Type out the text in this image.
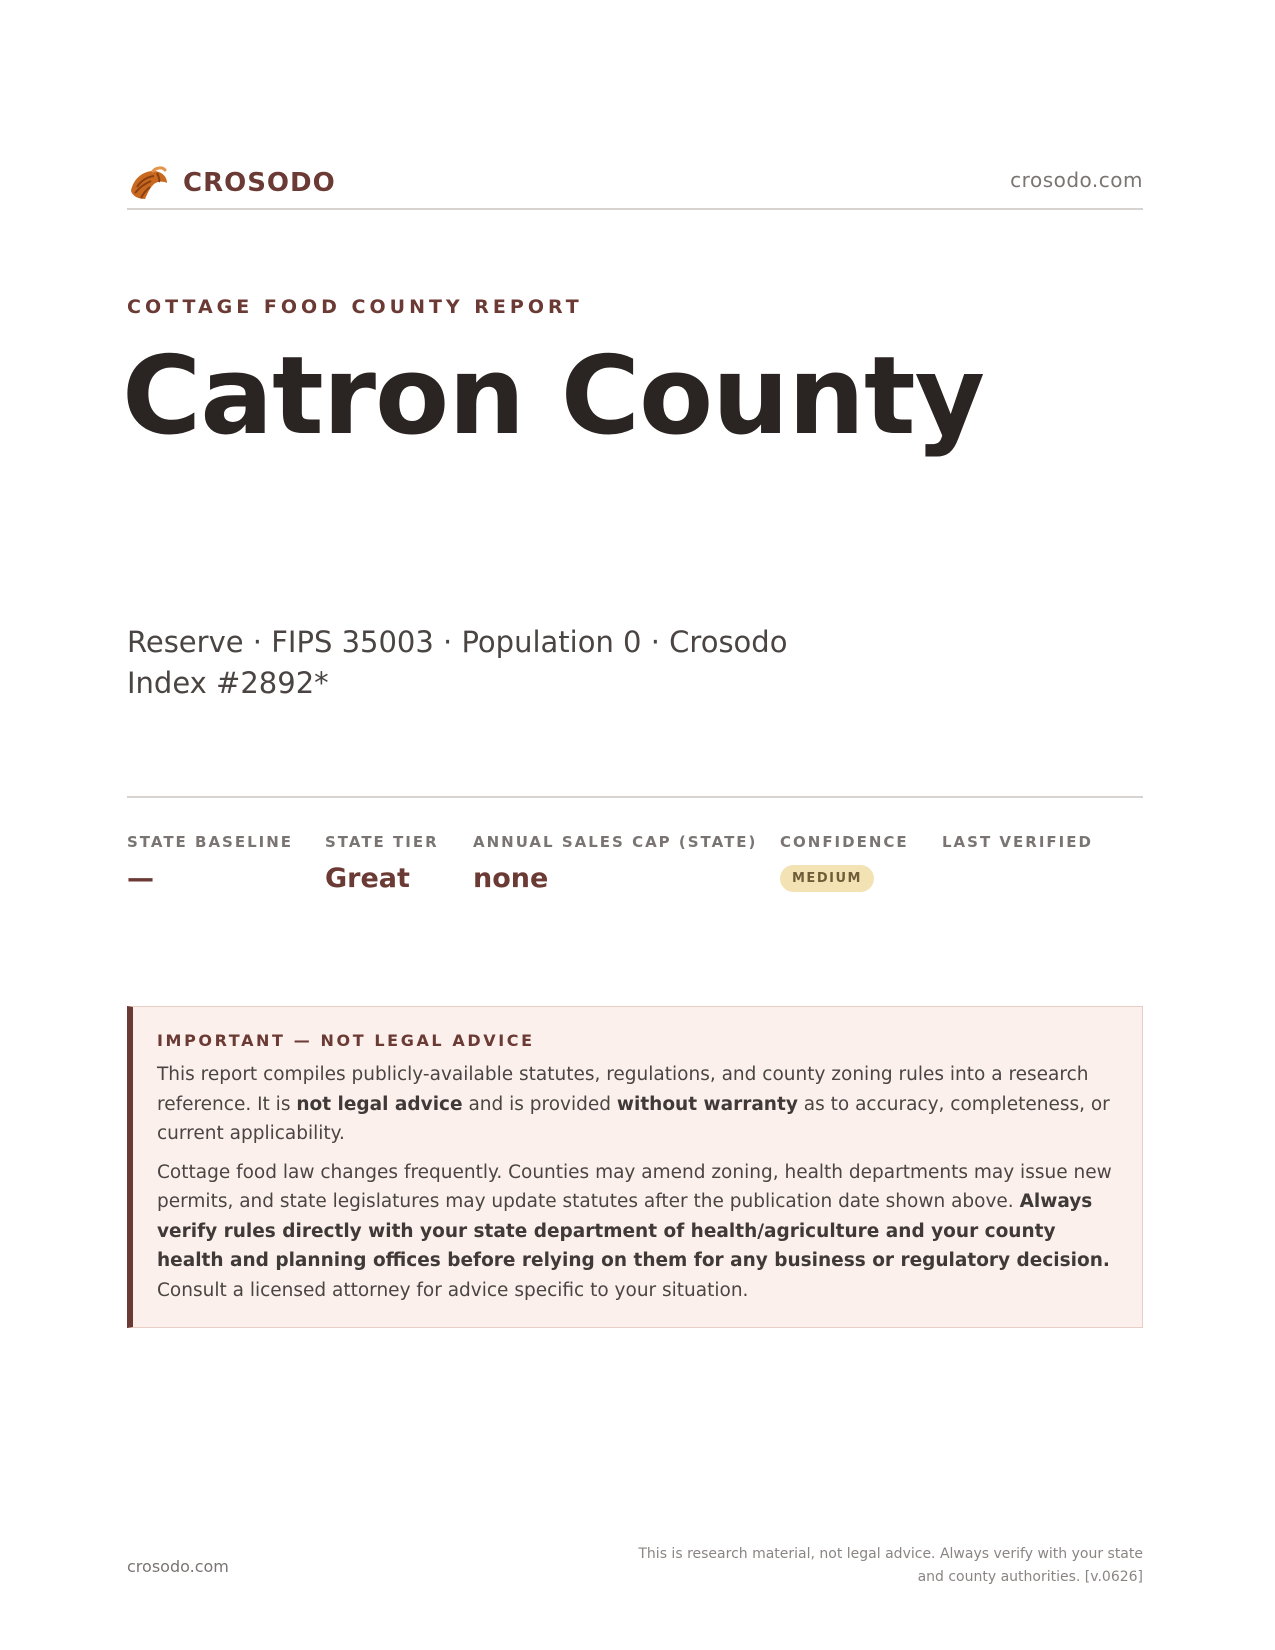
CROSODO	crosodo.com
COTTAGE FOOD COUNTY REPORT
Catron County
Reserve · FIPS 35003 · Population 0 · Crosodo Index #2892*
STATE BASELINE
—
STATE TIER
Great
ANNUAL SALES CAP (STATE)
none
CONFIDENCE
MEDIUM
LAST VERIFIED
IMPORTANT — NOT LEGAL ADVICE

This report compiles publicly-available statutes, regulations, and county zoning rules into a research reference. It is not legal advice and is provided without warranty as to accuracy, completeness, or current applicability.

Cottage food law changes frequently. Counties may amend zoning, health departments may issue new permits, and state legislatures may update statutes after the publication date shown above. Always verify rules directly with your state department of health/agriculture and your county health and planning offices before relying on them for any business or regulatory decision. Consult a licensed attorney for advice specific to your situation.

crosodo.com
This is research material, not legal advice. Always verify with your state
and county authorities. [v.0626]
